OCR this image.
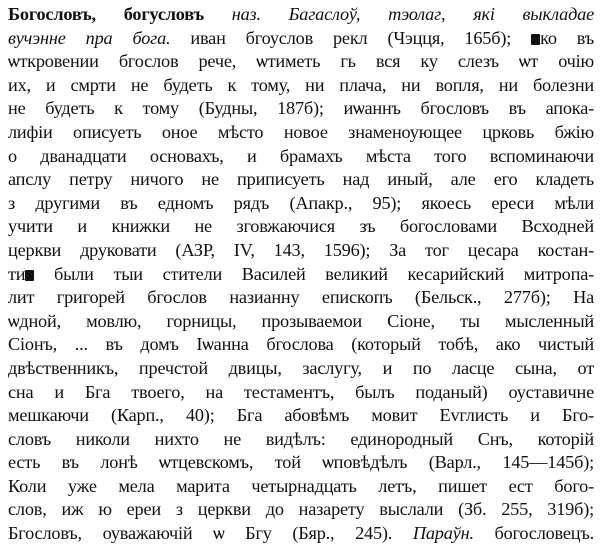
Богословъ, богусловъ наз. Багаслоў, тэолаг, які выкладае
вучэнне пра бога. иван бгоуслов рекл (Чэцця, 165б); ко въ
ѡткровении бгослов рече, ѡтиметь гь вся ку слезъ ѡт очію
их, и смрти не будеть к тому, ни плача, ни вопля, ни болезни
не будеть к тому (Будны, 187б); иѡаннъ бгословъ въ апока-
лифіи описуеть оное мѣсто новое знаменоующее црковь бжію
о дванадцати основахъ, и брамахъ мѣста того вспоминаючи
апслу петру ничого не приписуеть над иный, але его кладеть
з другими въ едномъ рядъ (Апакр., 95); якоесь ереси мѣли
учити и книжки не зговжаючися зъ богословами Всходней
церкви друковати (АЗР, IV, 143, 1596); За тог цесара костан-
ти были тыи стители Василей великий кесарийский митропа-
лит григорей бгослов назианну епископъ (Бельск., 277б); На
ѡдной, мовлю, горницы, прозываемои Сіоне, ты мысленный
Сіонъ, ... въ домъ Іѡанна бгослова (который тобѣ, ако чистый
двѣственникъ, пречстой двицы, заслугу, и по ласце сына, от
сна и Бга твоего, на тестаментъ, былъ поданый) оуставичне
мешкаючи (Карп., 40); Бга абовѣмъ мовит Еvглисть и Бго-
словъ николи нихто не видѣлъ: единородный Снъ, которій
есть въ лонѣ ѡтцевскомъ, той ѡповѣдѣлъ (Варл., 145—145б);
Коли уже мела марита четырнадцать летъ, пишет ест бого-
слов, иж ю ереи з церкви до назарету выслали (Зб. 255, 319б);
Бгословъ, оуважаючій ѡ Бгу (Бяр., 245). Параўн. богословецъ.
